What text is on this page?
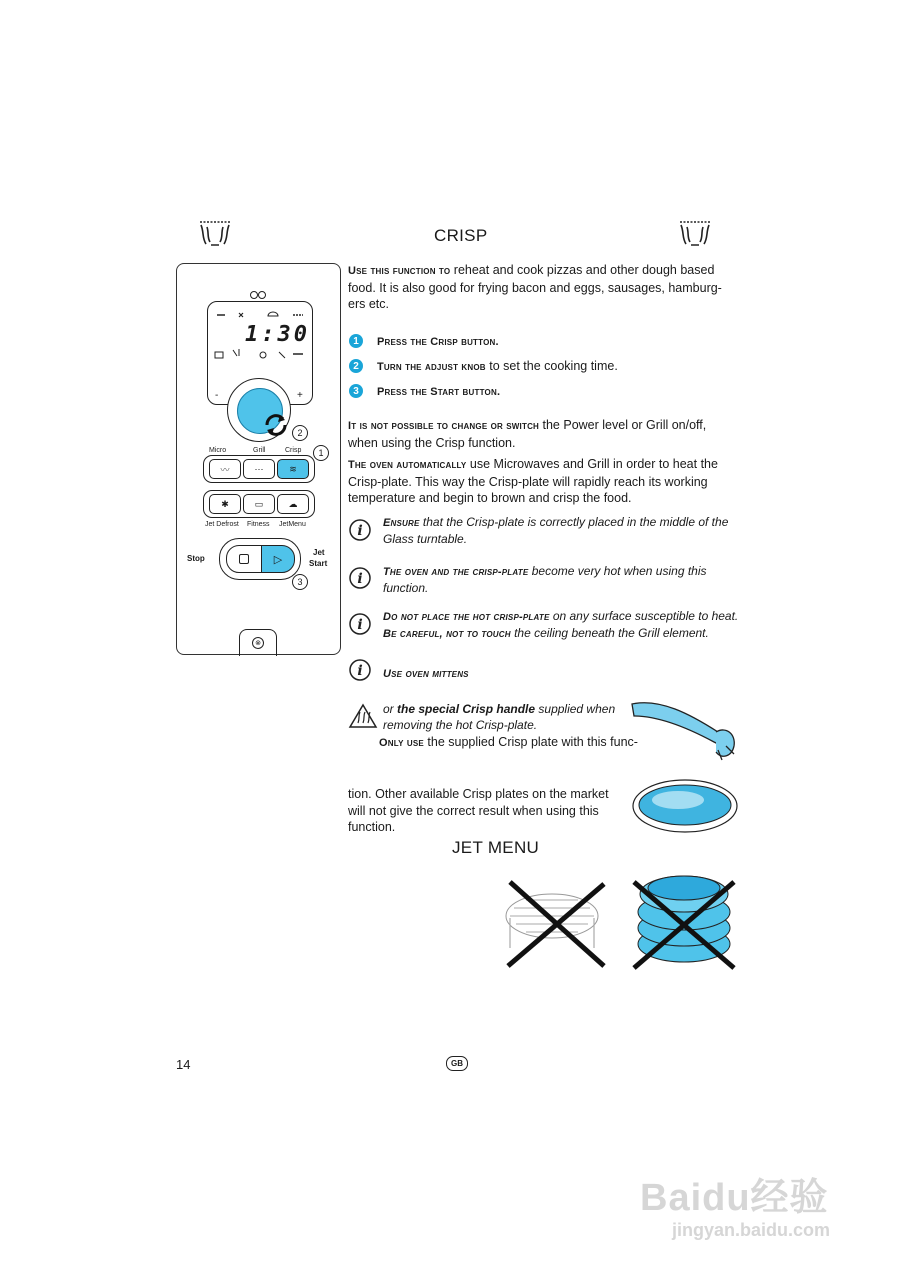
CRISP
1:30
-	+
2
Micro	Grill	Crisp	1
〰	⋯	≋
✱	▭	☁
Jet Defrost Fitness JetMenu
Stop
Jet
Start
▷
3
⊗
Use this function to reheat and cook pizzas and other dough based food. It is also good for frying bacon and eggs, sausages, hamburg-ers etc.
1	Press the Crisp button.
2	Turn the adjust knob to set the cooking time.
3	Press the Start button.
It is not possible to change or switch the Power level or Grill on/off, when using the Crisp function.
The oven automatically use Microwaves and Grill in order to heat the Crisp-plate. This way the Crisp-plate will rapidly reach its working temperature and begin to brown and crisp the food.
i Ensure that the Crisp-plate is correctly placed in the middle of the Glass turntable.
i The oven and the crisp-plate become very hot when using this function.
i Do not place the hot crisp-plate on any surface susceptible to heat.
Be careful, not to touch the ceiling beneath the Grill element.
i Use oven mittens
or the special Crisp handle supplied when removing the hot Crisp-plate.
Only use the supplied Crisp plate with this func-
tion. Other available Crisp plates on the market will not give the correct result when using this function.
JET MENU
14	GB
Baidu经验
jingyan.baidu.com
